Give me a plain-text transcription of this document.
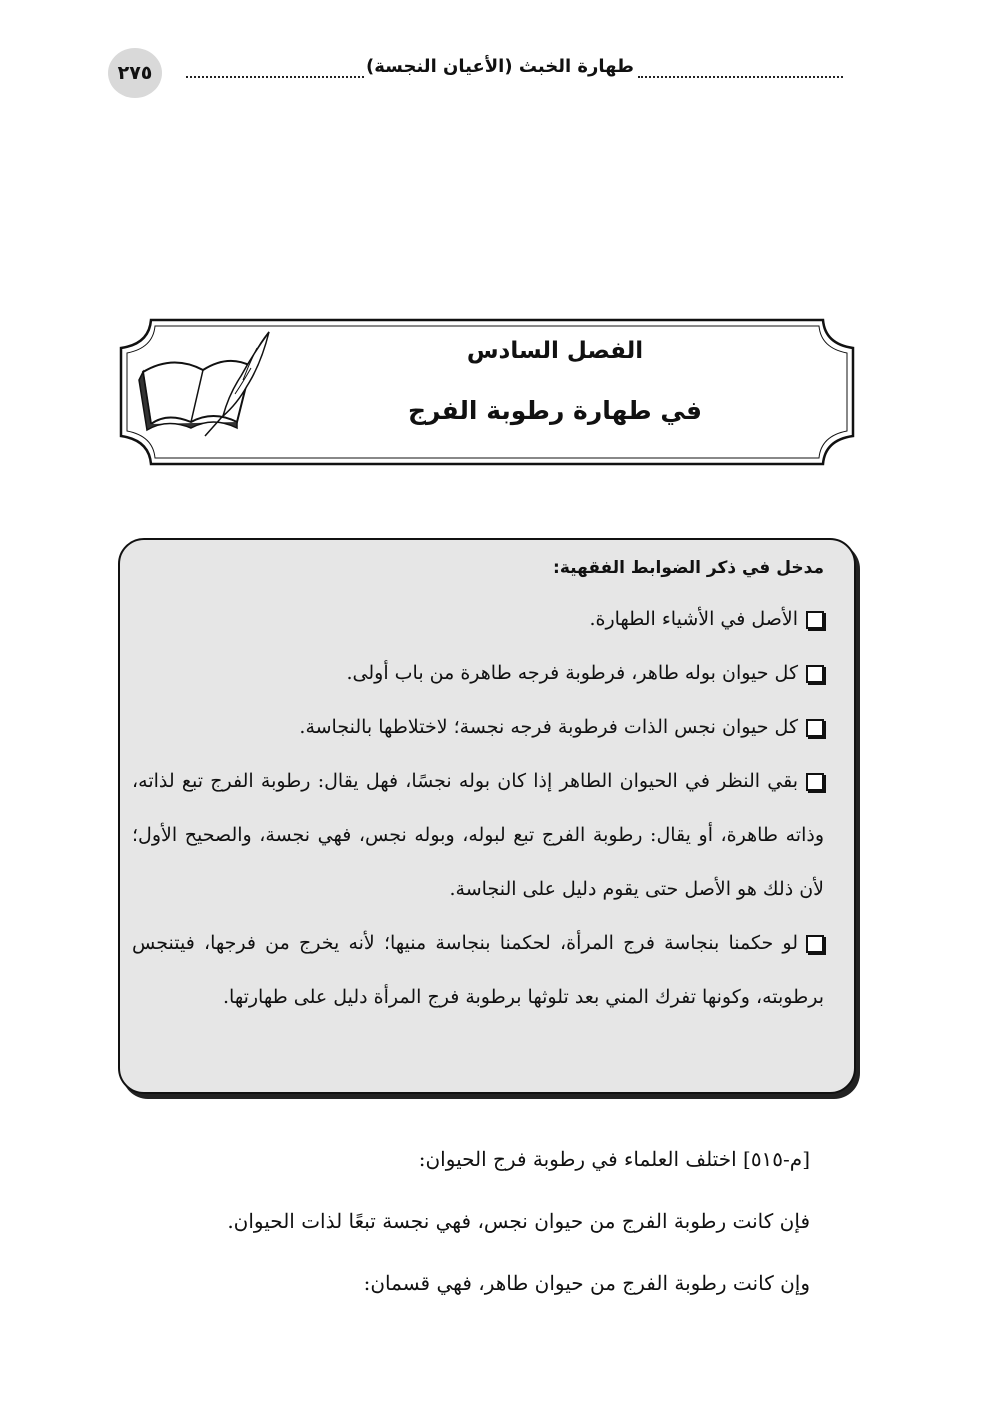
٢٧٥	طهارة الخبث (الأعيان النجسة)
الفصل السادس
في طهارة رطوبة الفرج
مدخل في ذكر الضوابط الفقهية:

الأصل في الأشياء الطهارة.

كل حيوان بوله طاهر، فرطوبة فرجه طاهرة من باب أولى.

كل حيوان نجس الذات فرطوبة فرجه نجسة؛ لاختلاطها بالنجاسة.

بقي النظر في الحيوان الطاهر إذا كان بوله نجسًا، فهل يقال: رطوبة الفرج تبع لذاته، وذاته طاهرة، أو يقال: رطوبة الفرج تبع لبوله، وبوله نجس، فهي نجسة، والصحيح الأول؛ لأن ذلك هو الأصل حتى يقوم دليل على النجاسة.

لو حكمنا بنجاسة فرج المرأة، لحكمنا بنجاسة منيها؛ لأنه يخرج من فرجها، فيتنجس برطوبته، وكونها تفرك المني بعد تلوثها برطوبة فرج المرأة دليل على طهارتها.

[م-٥١٥] اختلف العلماء في رطوبة فرج الحيوان:

فإن كانت رطوبة الفرج من حيوان نجس، فهي نجسة تبعًا لذات الحيوان.

وإن كانت رطوبة الفرج من حيوان طاهر، فهي قسمان:
